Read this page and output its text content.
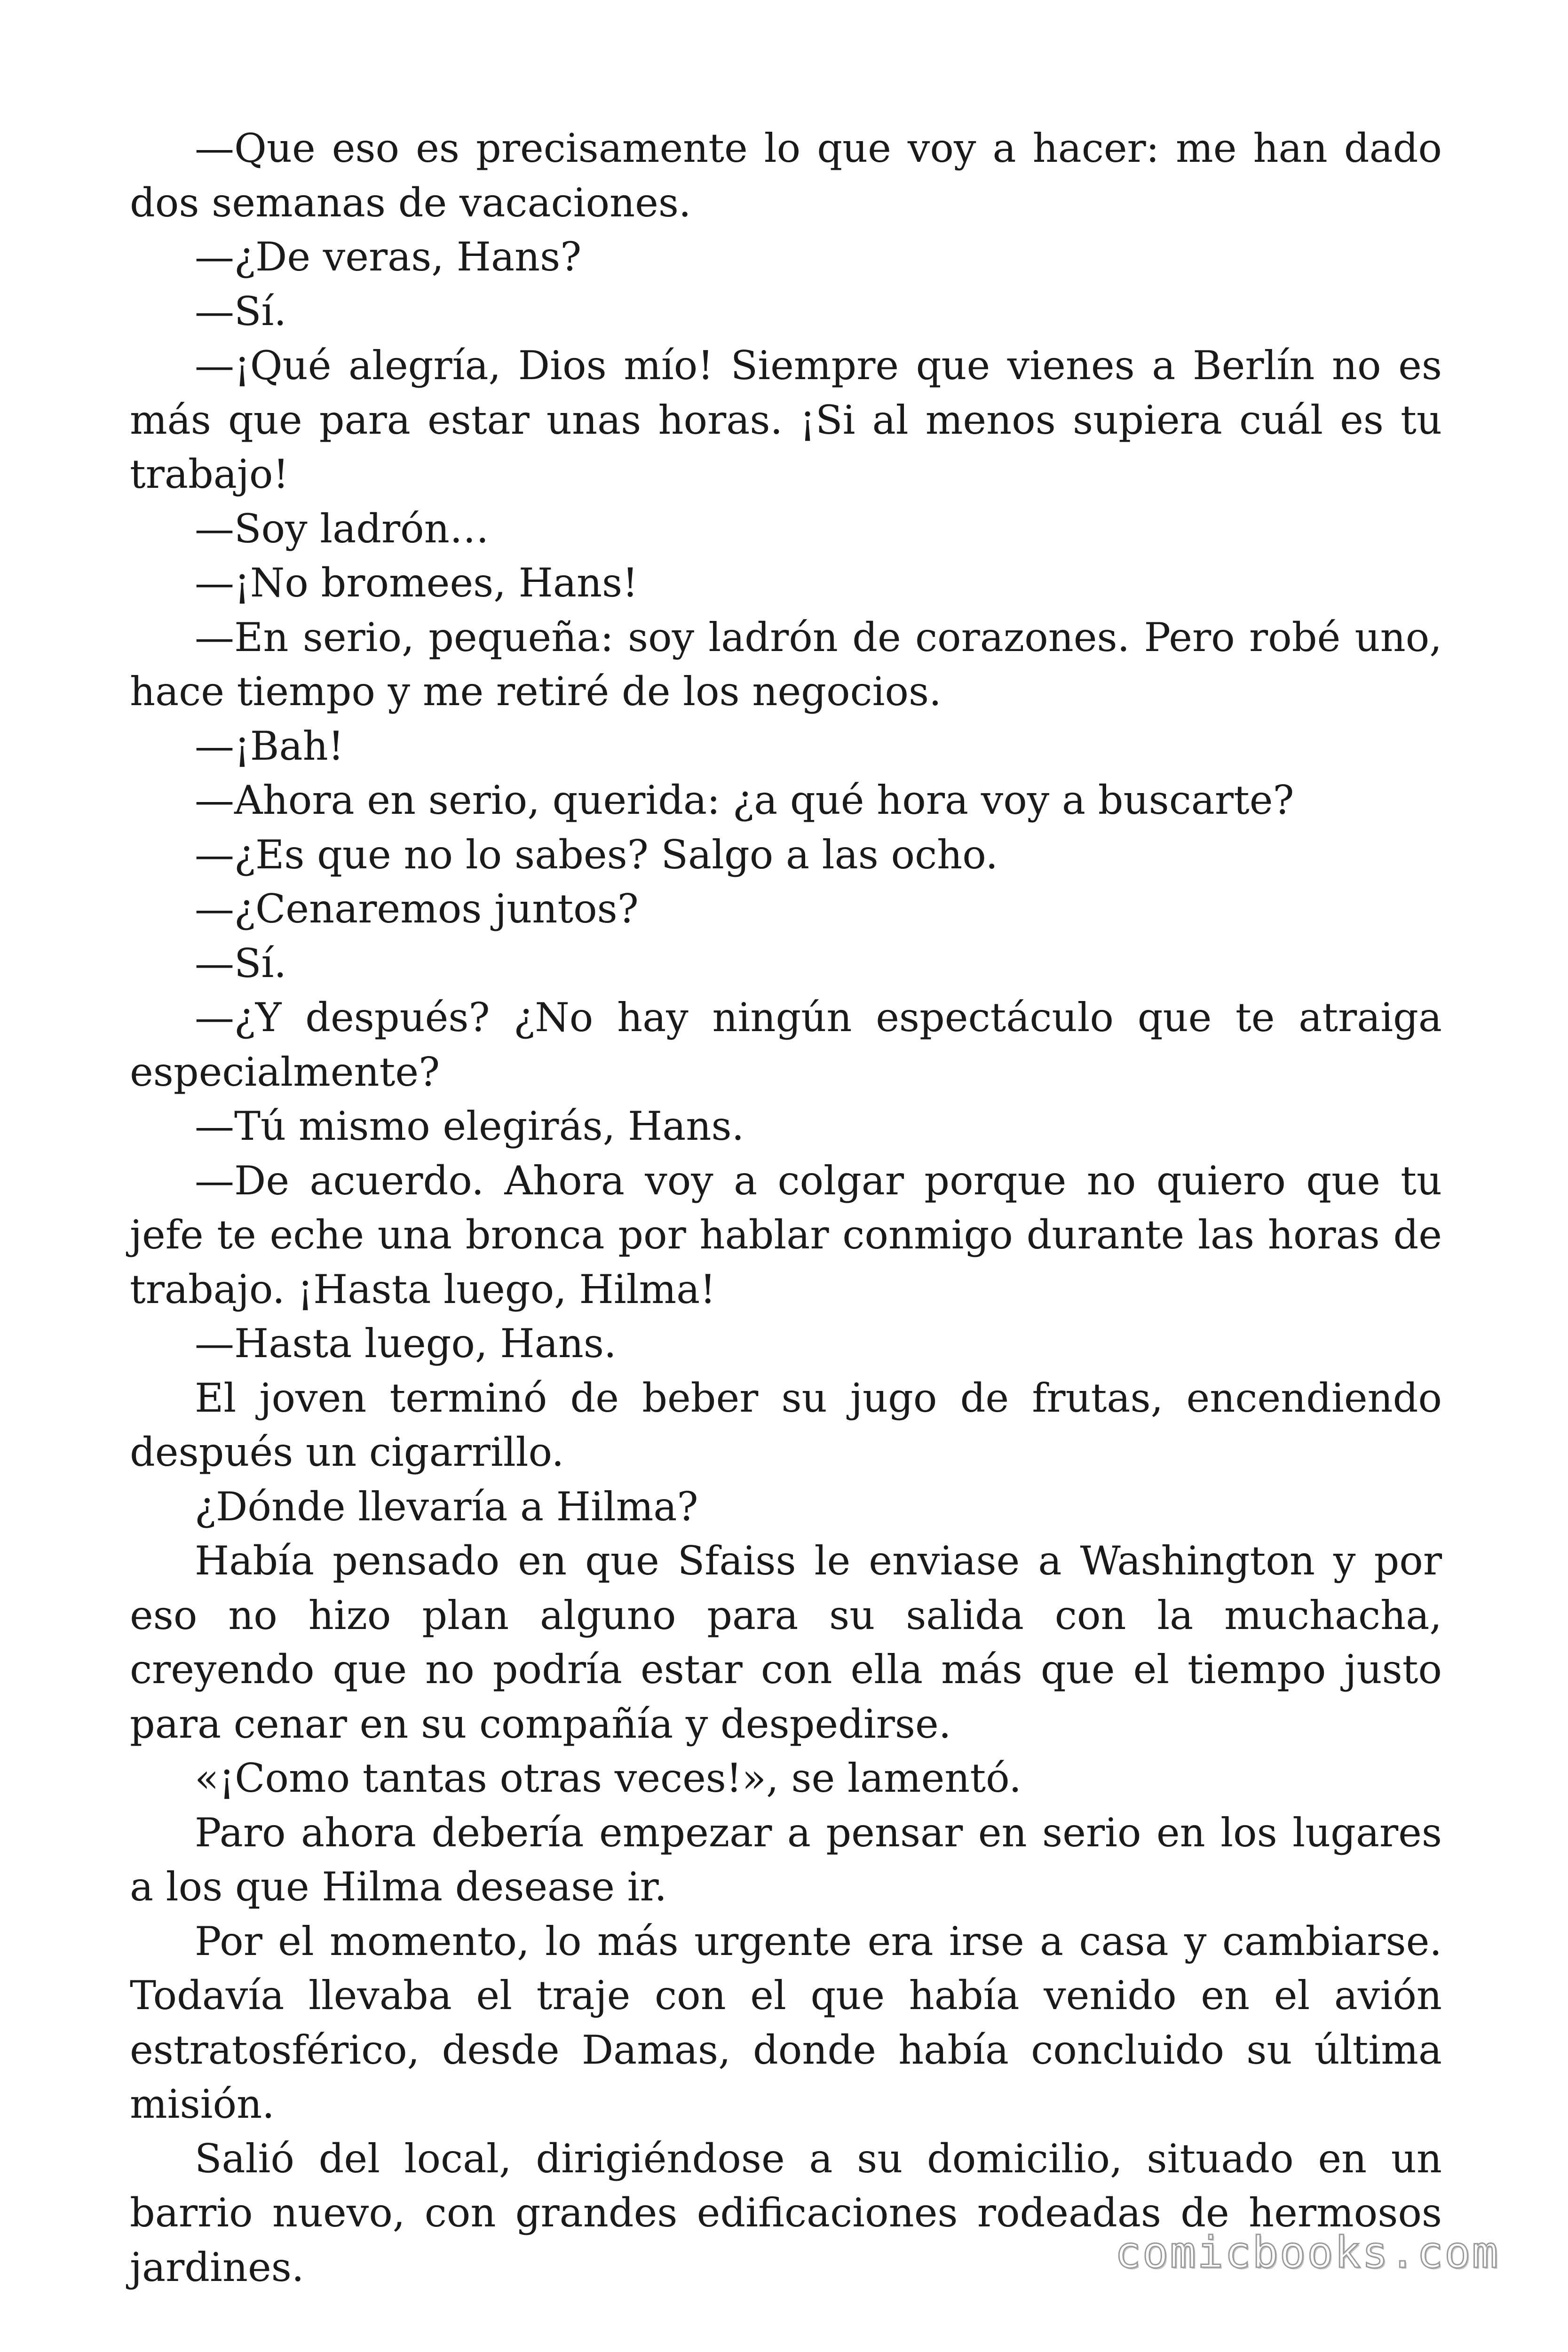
—Que eso es precisamente lo que voy a hacer: me han dado dos semanas de vacaciones.

—¿De veras, Hans?

—Sí.

—¡Qué alegría, Dios mío! Siempre que vienes a Berlín no es más que para estar unas horas. ¡Si al menos supiera cuál es tu trabajo!

—Soy ladrón…

—¡No bromees, Hans!

—En serio, pequeña: soy ladrón de corazones. Pero robé uno, hace tiempo y me retiré de los negocios.

—¡Bah!

—Ahora en serio, querida: ¿a qué hora voy a buscarte?

—¿Es que no lo sabes? Salgo a las ocho.

—¿Cenaremos juntos?

—Sí.

—¿Y después? ¿No hay ningún espectáculo que te atraiga especialmente?

—Tú mismo elegirás, Hans.

—De acuerdo. Ahora voy a colgar porque no quiero que tu jefe te eche una bronca por hablar conmigo durante las horas de trabajo. ¡Hasta luego, Hilma!

—Hasta luego, Hans.

El joven terminó de beber su jugo de frutas, encendiendo después un cigarrillo.

¿Dónde llevaría a Hilma?

Había pensado en que Sfaiss le enviase a Washington y por eso no hizo plan alguno para su salida con la muchacha, creyendo que no podría estar con ella más que el tiempo justo para cenar en su compañía y despedirse.

«¡Como tantas otras veces!», se lamentó.

Paro ahora debería empezar a pensar en serio en los lugares a los que Hilma desease ir.

Por el momento, lo más urgente era irse a casa y cambiarse. Todavía llevaba el traje con el que había venido en el avión estratosférico, desde Damas, donde había concluido su última misión.

Salió del local, dirigiéndose a su domicilio, situado en un barrio nuevo, con grandes edificaciones rodeadas de hermosos jardines.	comicbooks.com
